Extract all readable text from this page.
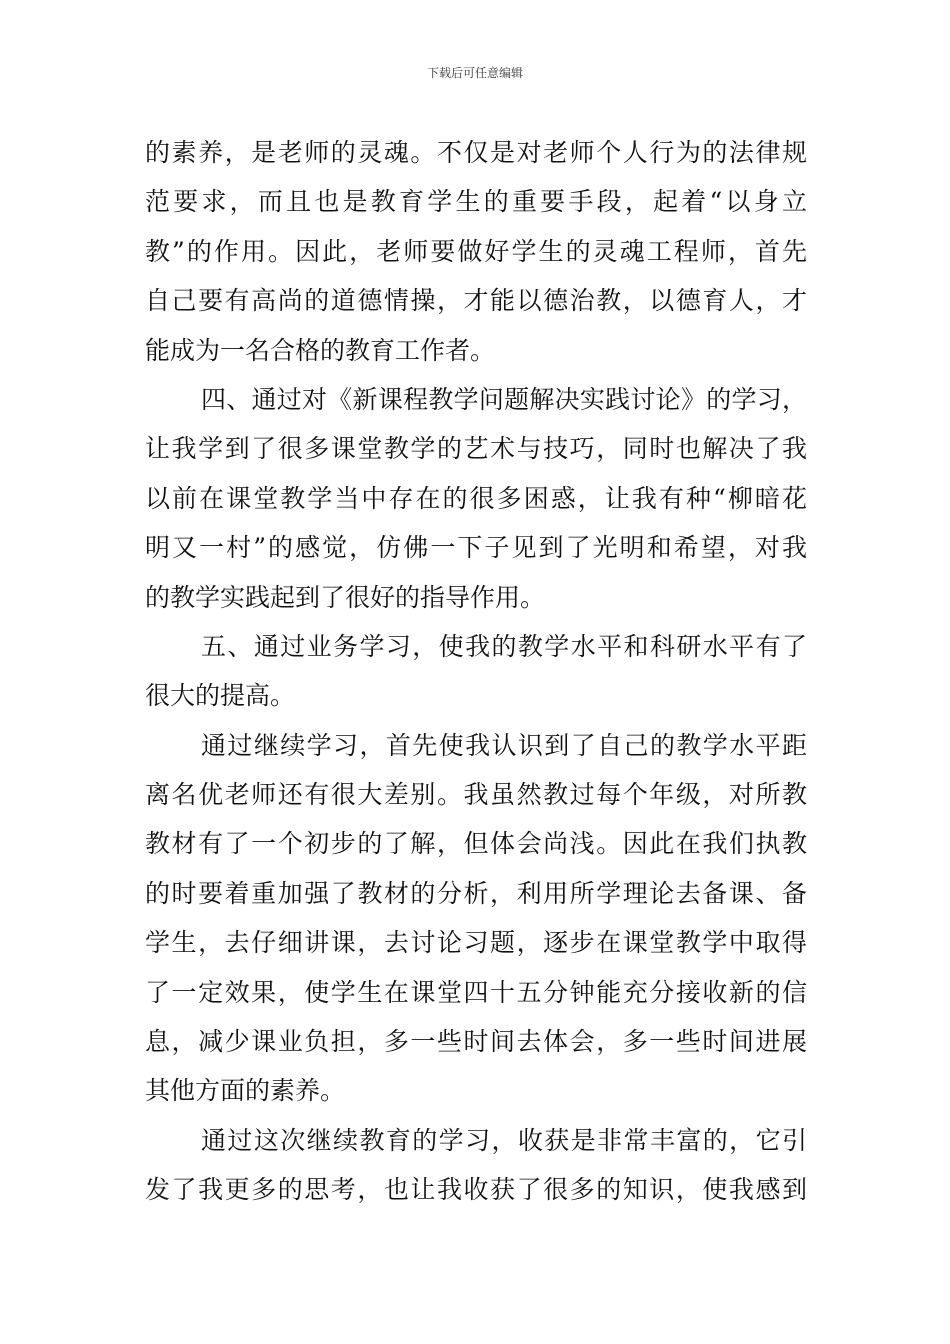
下载后可任意编辑
的素养，是老师的灵魂。不仅是对老师个人行为的法律规
范要求，而且也是教育学生的重要手段，起着“以身立
教”的作用。因此，老师要做好学生的灵魂工程师，首先
自己要有高尚的道德情操，才能以德治教，以德育人，才
能成为一名合格的教育工作者。
四、通过对《新课程教学问题解决实践讨论》的学习，
让我学到了很多课堂教学的艺术与技巧，同时也解决了我
以前在课堂教学当中存在的很多困惑，让我有种“柳暗花
明又一村”的感觉，仿佛一下子见到了光明和希望，对我
的教学实践起到了很好的指导作用。
五、通过业务学习，使我的教学水平和科研水平有了
很大的提高。
通过继续学习，首先使我认识到了自己的教学水平距
离名优老师还有很大差别。我虽然教过每个年级，对所教
教材有了一个初步的了解，但体会尚浅。因此在我们执教
的时要着重加强了教材的分析，利用所学理论去备课、备
学生，去仔细讲课，去讨论习题，逐步在课堂教学中取得
了一定效果，使学生在课堂四十五分钟能充分接收新的信
息，减少课业负担，多一些时间去体会，多一些时间进展
其他方面的素养。
通过这次继续教育的学习，收获是非常丰富的，它引
发了我更多的思考，也让我收获了很多的知识，使我感到
